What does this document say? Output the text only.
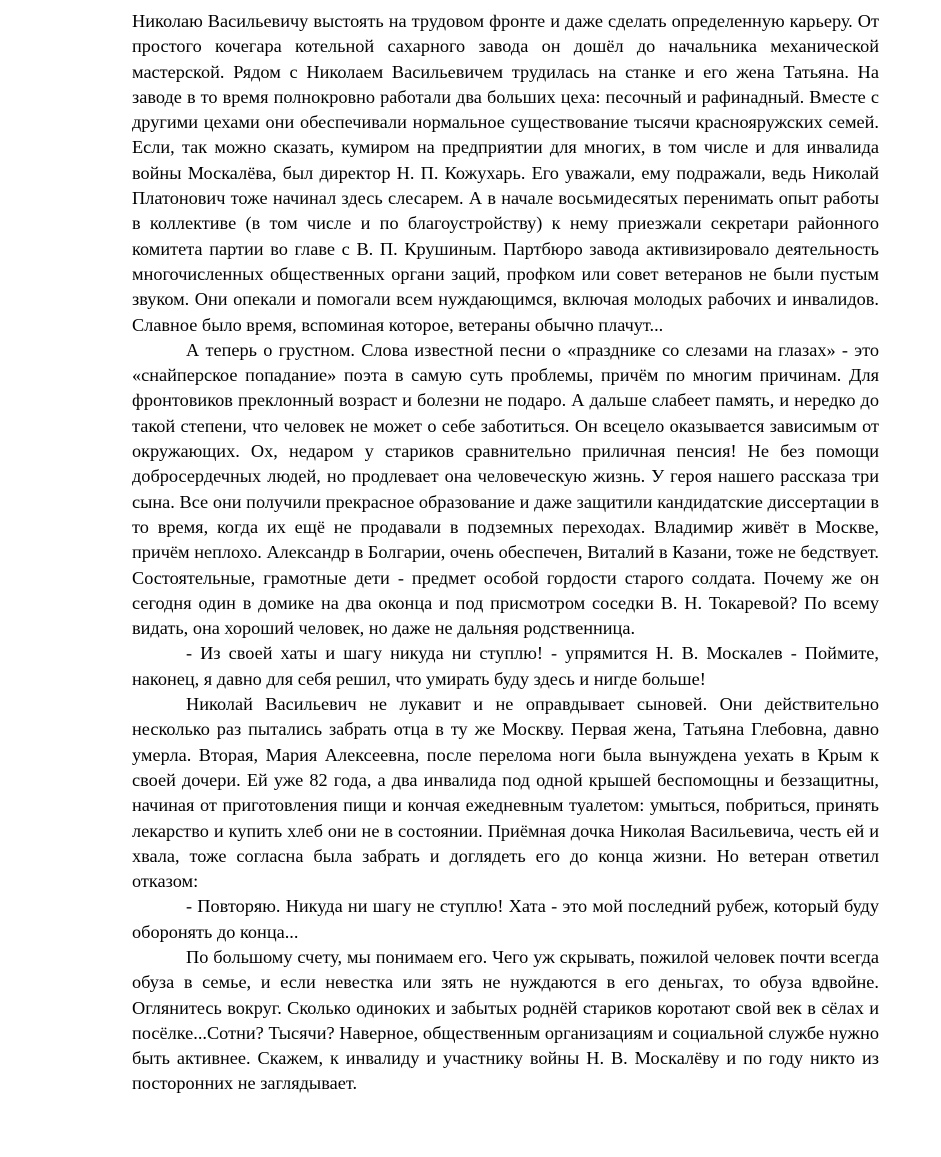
Николаю Васильевичу выстоять на трудовом фронте и даже сделать определенную карьеру. От простого кочегара котельной сахарного завода он дошёл до начальника механической мастерской. Рядом с Николаем Васильевичем трудилась на станке и его жена Татьяна. На заводе в то время полнокровно работали два больших цеха: песочный и рафинадный. Вместе с другими цехами они обеспечивали нормальное существование тысячи краснояружских семей. Если, так можно сказать, кумиром на предприятии для многих, в том числе и для инвалида войны Москалёва, был директор Н. П. Кожухарь. Его уважали, ему подражали, ведь Николай Платонович тоже начинал здесь слесарем. А в начале восьмидесятых перенимать опыт работы в коллективе (в том числе и по благоустройству) к нему приезжали секретари районного комитета партии во главе с В. П. Крушиным. Партбюро завода активизировало деятельность многочисленных общественных органи заций, профком или совет ветеранов не были пустым звуком. Они опекали и помогали всем нуждающимся, включая молодых рабочих и инвалидов. Славное было время, вспоминая которое, ветераны обычно плачут...

А теперь о грустном. Слова известной песни о «празднике со слезами на глазах» - это «снайперское попадание» поэта в самую суть проблемы, причём по многим причинам. Для фронтовиков преклонный возраст и болезни не подаро. А дальше слабеет память, и нередко до такой степени, что человек не может о себе заботиться. Он всецело оказывается зависимым от окружающих. Ох, недаром у стариков сравнительно приличная пенсия! Не без помощи добросердечных людей, но продлевает она человеческую жизнь. У героя нашего рассказа три сына. Все они получили прекрасное образование и даже защитили кандидатские диссертации в то время, когда их ещё не продавали в подземных переходах. Владимир живёт в Москве, причём неплохо. Александр в Болгарии, очень обеспечен, Виталий в Казани, тоже не бедствует. Состоятельные, грамотные дети - предмет особой гордости старого солдата. Почему же он сегодня один в домике на два оконца и под присмотром соседки В. Н. Токаревой? По всему видать, она хороший человек, но даже не дальняя родственница.

- Из своей хаты и шагу никуда ни ступлю! - упрямится Н. В. Москалев - Поймите, наконец, я давно для себя решил, что умирать буду здесь и нигде больше!

Николай Васильевич не лукавит и не оправдывает сыновей. Они действительно несколько раз пытались забрать отца в ту же Москву. Первая жена, Татьяна Глебовна, давно умерла. Вторая, Мария Алексеевна, после перелома ноги была вынуждена уехать в Крым к своей дочери. Ей уже 82 года, а два инвалида под одной крышей беспомощны и беззащитны, начиная от приготовления пищи и кончая ежедневным туалетом: умыться, побриться, принять лекарство и купить хлеб они не в состоянии. Приёмная дочка Николая Васильевича, честь ей и хвала, тоже согласна была забрать и доглядеть его до конца жизни. Но ветеран ответил отказом:

- Повторяю. Никуда ни шагу не ступлю! Хата - это мой последний рубеж, который буду оборонять до конца...

По большому счету, мы понимаем его. Чего уж скрывать, пожилой человек почти всегда обуза в семье, и если невестка или зять не нуждаются в его деньгах, то обуза вдвойне. Оглянитесь вокруг. Сколько одиноких и забытых роднёй стариков коротают свой век в сёлах и посёлке...Сотни? Тысячи? Наверное, общественным организациям и социальной службе нужно быть активнее. Скажем, к инвалиду и участнику войны Н. В. Москалёву и по году никто из посторонних не заглядывает.
